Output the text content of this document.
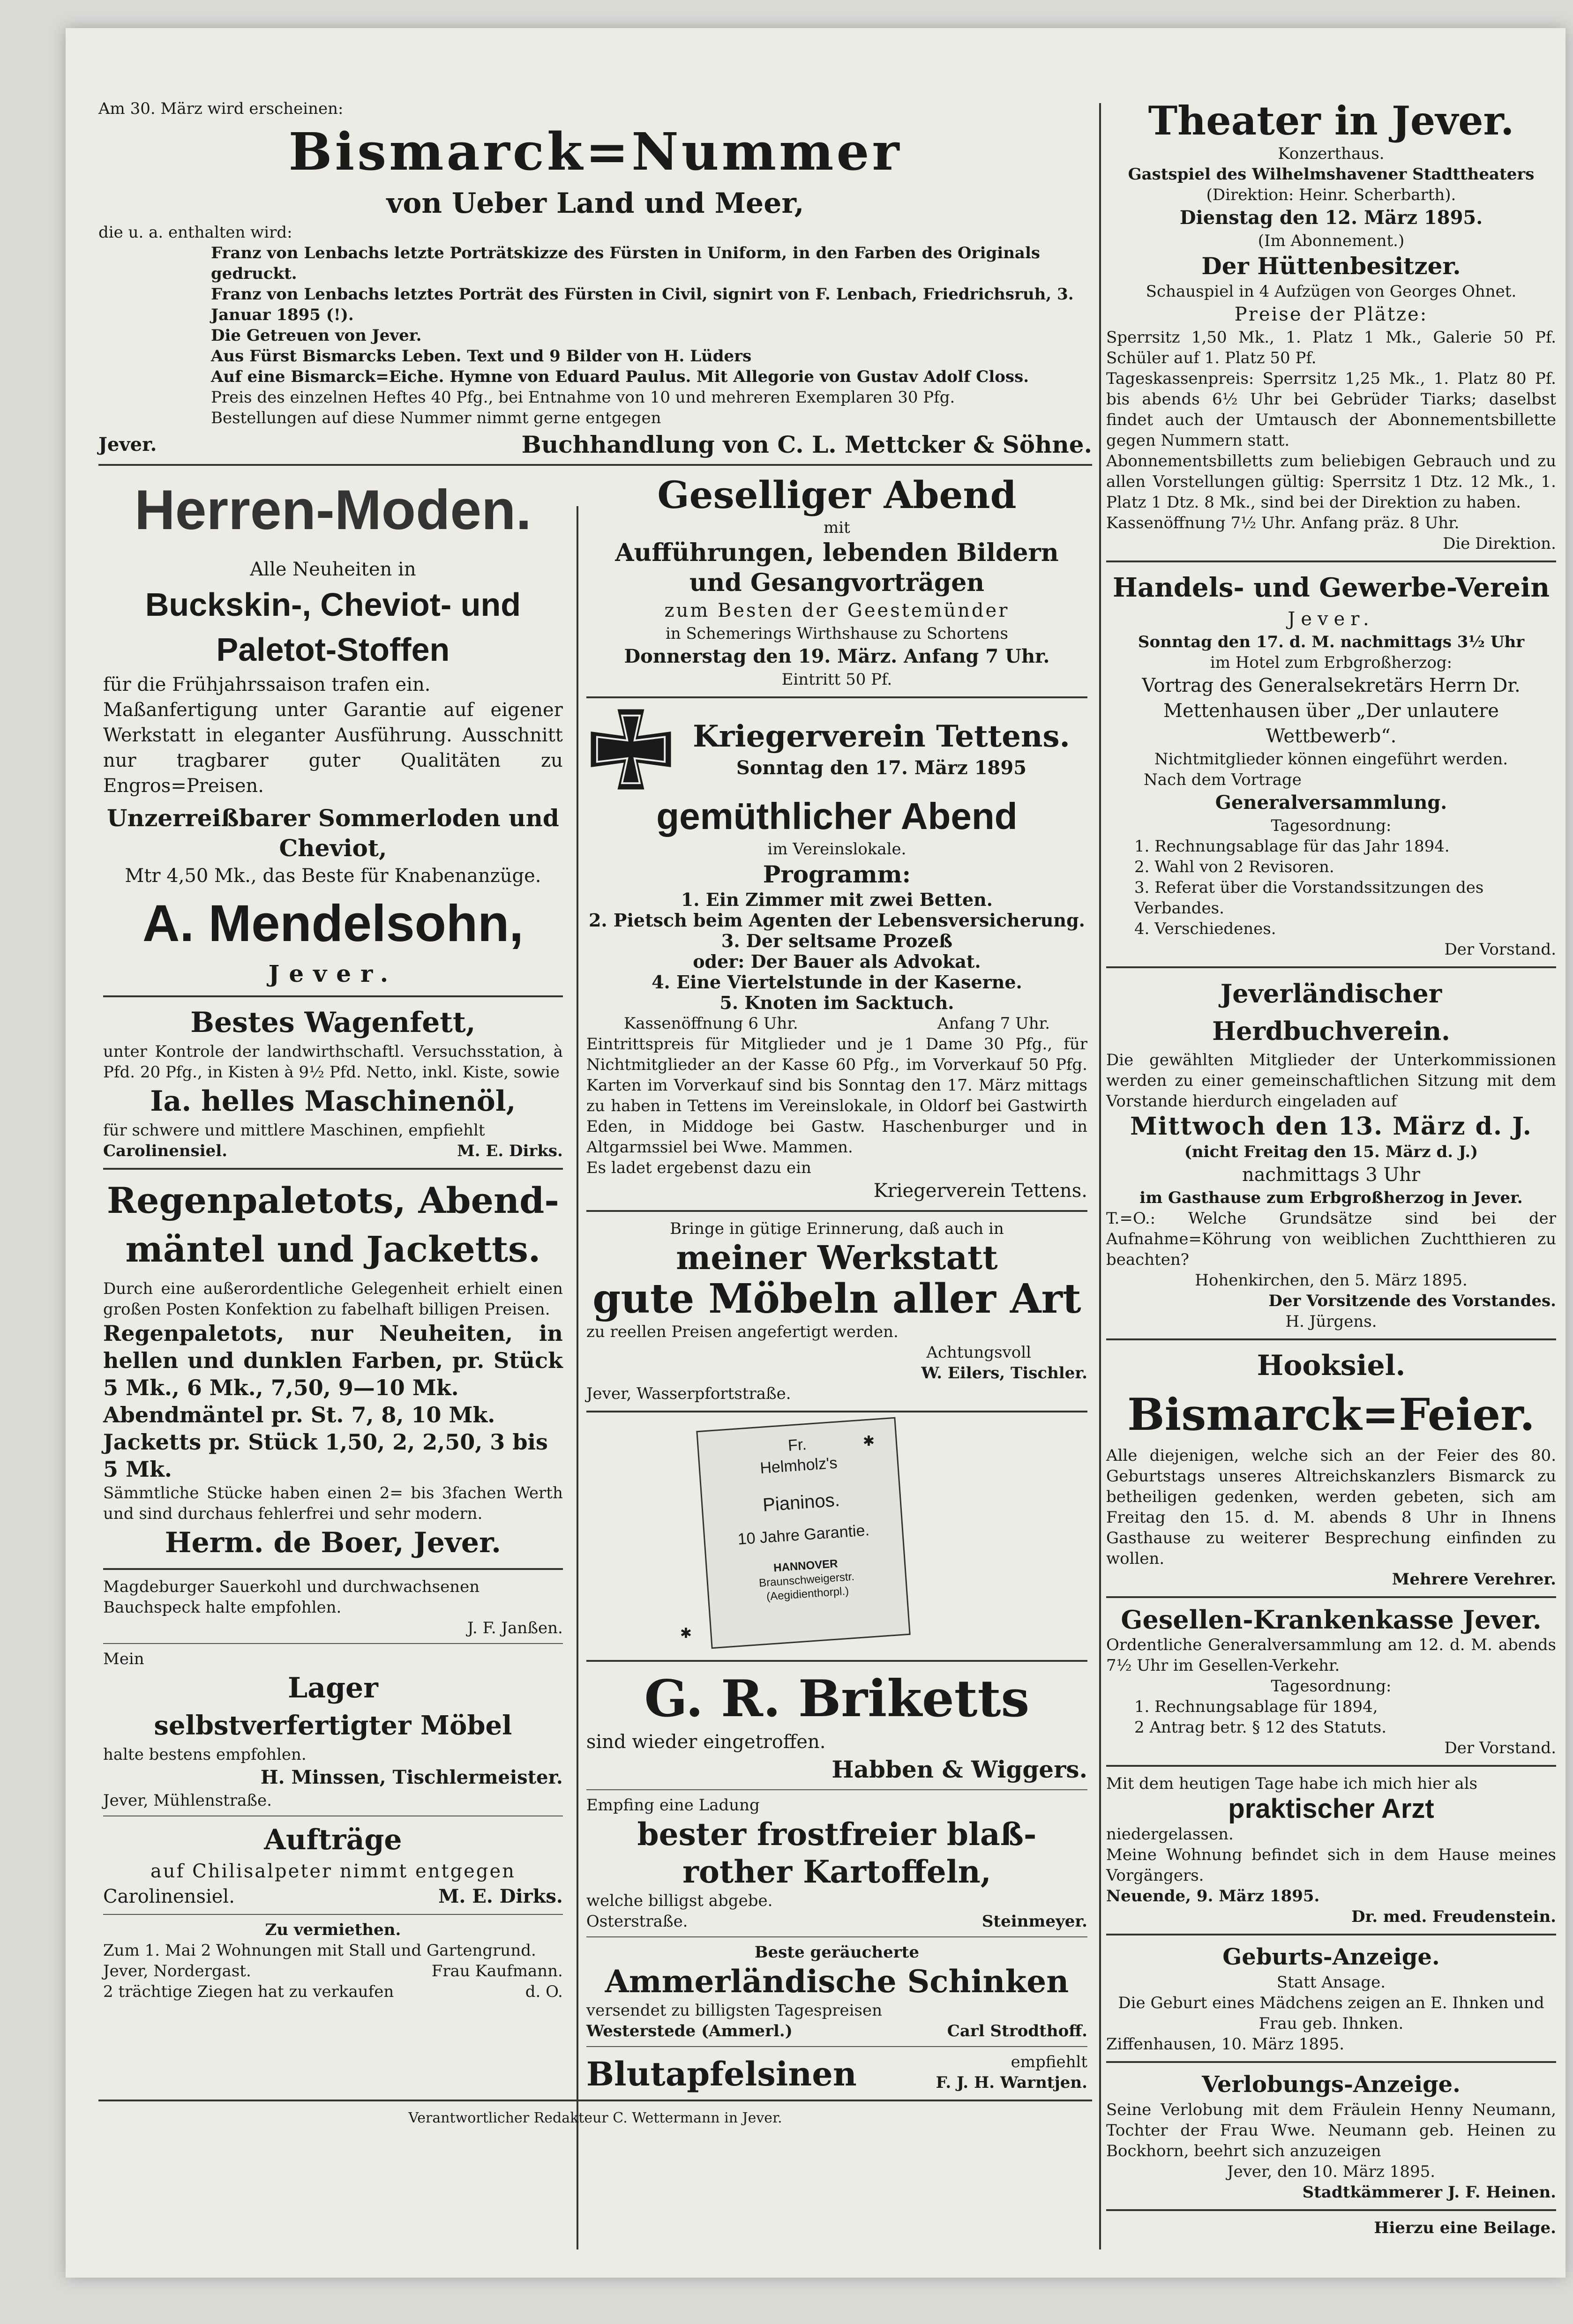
Am 30. März wird erscheinen:

Bismarck=Nummer

von Ueber Land und Meer,

die u. a. enthalten wird:

Franz von Lenbachs letzte Porträtskizze des Fürsten in Uniform, in den Farben des Originals gedruckt.

Franz von Lenbachs letztes Porträt des Fürsten in Civil, signirt von F. Lenbach, Friedrichsruh, 3. Januar 1895 (!).

Die Getreuen von Jever.

Aus Fürst Bismarcks Leben. Text und 9 Bilder von H. Lüders

Auf eine Bismarck=Eiche. Hymne von Eduard Paulus. Mit Allegorie von Gustav Adolf Closs.

Preis des einzelnen Heftes 40 Pfg., bei Entnahme von 10 und mehreren Exemplaren 30 Pfg.

Bestellungen auf diese Nummer nimmt gerne entgegen

Jever.	Buchhandlung von C. L. Mettcker & Söhne.

Herren-Moden.

Alle Neuheiten in

Buckskin-, Cheviot- und

Paletot-Stoffen

für die Frühjahrssaison trafen ein.

Maßanfertigung unter Garantie auf eigener Werkstatt in eleganter Ausführung. Ausschnitt nur tragbarer guter Qualitäten zu Engros=Preisen.

Unzerreißbarer Sommerloden und Cheviot,

Mtr 4,50 Mk., das Beste für Knabenanzüge.

A. Mendelsohn,

Jever.

Bestes Wagenfett,

unter Kontrole der landwirthschaftl. Versuchsstation, à Pfd. 20 Pfg., in Kisten à 9½ Pfd. Netto, inkl. Kiste, sowie

Ia. helles Maschinenöl,

für schwere und mittlere Maschinen, empfiehlt

Carolinensiel.	M. E. Dirks.

Regenpaletots, Abend-mäntel und Jacketts.

Durch eine außerordentliche Gelegenheit erhielt einen großen Posten Konfektion zu fabelhaft billigen Preisen.

Regenpaletots, nur Neuheiten, in hellen und dunklen Farben, pr. Stück 5 Mk., 6 Mk., 7,50, 9—10 Mk.

Abendmäntel pr. St. 7, 8, 10 Mk.

Jacketts pr. Stück 1,50, 2, 2,50, 3 bis 5 Mk.

Sämmtliche Stücke haben einen 2= bis 3fachen Werth und sind durchaus fehlerfrei und sehr modern.

Herm. de Boer, Jever.

Magdeburger Sauerkohl und durchwachsenen Bauchspeck halte empfohlen.

J. F. Janßen.

Mein

Lager

selbstverfertigter Möbel

halte bestens empfohlen.

H. Minssen, Tischlermeister.

Jever, Mühlenstraße.

Aufträge

auf Chilisalpeter nimmt entgegen

Carolinensiel.	M. E. Dirks.

Zu vermiethen.

Zum 1. Mai 2 Wohnungen mit Stall und Gartengrund.

Jever, Nordergast.	Frau Kaufmann.
2 trächtige Ziegen hat zu verkaufen	d. O.

Geselliger Abend

mit

Aufführungen, lebenden Bildern und Gesangvorträgen

zum Besten der Geestemünder

in Schemerings Wirthshause zu Schortens

Donnerstag den 19. März. Anfang 7 Uhr.

Eintritt 50 Pf.

Kriegerverein Tettens.

Sonntag den 17. März 1895

gemüthlicher Abend

im Vereinslokale.

Programm:

1. Ein Zimmer mit zwei Betten.

2. Pietsch beim Agenten der Lebensversicherung.

3. Der seltsame Prozeß

oder: Der Bauer als Advokat.

4. Eine Viertelstunde in der Kaserne.

5. Knoten im Sacktuch.

Kassenöffnung 6 Uhr.	Anfang 7 Uhr.

Eintrittspreis für Mitglieder und je 1 Dame 30 Pfg., für Nichtmitglieder an der Kasse 60 Pfg., im Vorverkauf 50 Pfg. Karten im Vorverkauf sind bis Sonntag den 17. März mittags zu haben in Tettens im Vereinslokale, in Oldorf bei Gastwirth Eden, in Middoge bei Gastw. Haschenburger und in Altgarmssiel bei Wwe. Mammen.

Es ladet ergebenst dazu ein

Kriegerverein Tettens.

Bringe in gütige Erinnerung, daß auch in

meiner Werkstatt

gute Möbeln aller Art

zu reellen Preisen angefertigt werden.

Achtungsvoll

W. Eilers, Tischler.

Jever, Wasserpfortstraße.

Fr.

Helmholz's

Pianinos.

10 Jahre Garantie.

HANNOVER

Braunschweigerstr. (Aegidienthorpl.)

✱
✱

G. R. Briketts

sind wieder eingetroffen.

Habben & Wiggers.

Empfing eine Ladung

bester frostfreier blaß-rother Kartoffeln,

welche billigst abgebe.

Osterstraße.	Steinmeyer.

Beste geräucherte

Ammerländische Schinken

versendet zu billigsten Tagespreisen

Westerstede (Ammerl.)	Carl Strodthoff.
Blutapfelsinen	empfiehlt

F. J. H. Warntjen.

Verantwortlicher Redakteur C. Wettermann in Jever.

Theater in Jever.

Konzerthaus.

Gastspiel des Wilhelmshavener Stadttheaters

(Direktion: Heinr. Scherbarth).

Dienstag den 12. März 1895.

(Im Abonnement.)

Der Hüttenbesitzer.

Schauspiel in 4 Aufzügen von Georges Ohnet.

Preise der Plätze:

Sperrsitz 1,50 Mk., 1. Platz 1 Mk., Galerie 50 Pf. Schüler auf 1. Platz 50 Pf.

Tageskassenpreis: Sperrsitz 1,25 Mk., 1. Platz 80 Pf. bis abends 6½ Uhr bei Gebrüder Tiarks; daselbst findet auch der Umtausch der Abonnementsbillette gegen Nummern statt.

Abonnementsbilletts zum beliebigen Gebrauch und zu allen Vorstellungen gültig: Sperrsitz 1 Dtz. 12 Mk., 1. Platz 1 Dtz. 8 Mk., sind bei der Direktion zu haben.

Kassenöffnung 7½ Uhr. Anfang präz. 8 Uhr.

Die Direktion.

Handels- und Gewerbe-Verein

Jever.

Sonntag den 17. d. M. nachmittags 3½ Uhr

im Hotel zum Erbgroßherzog:

Vortrag des Generalsekretärs Herrn Dr. Mettenhausen über „Der unlautere Wettbewerb“.

Nichtmitglieder können eingeführt werden.

Nach dem Vortrage

Generalversammlung.

Tagesordnung:

1. Rechnungsablage für das Jahr 1894.

2. Wahl von 2 Revisoren.

3. Referat über die Vorstandssitzungen des Verbandes.

4. Verschiedenes.

Der Vorstand.

Jeverländischer Herdbuchverein.

Die gewählten Mitglieder der Unterkommissionen werden zu einer gemeinschaftlichen Sitzung mit dem Vorstande hierdurch eingeladen auf

Mittwoch den 13. März d. J.

(nicht Freitag den 15. März d. J.)

nachmittags 3 Uhr

im Gasthause zum Erbgroßherzog in Jever.

T.=O.: Welche Grundsätze sind bei der Aufnahme=Köhrung von weiblichen Zuchtthieren zu beachten?

Hohenkirchen, den 5. März 1895.

Der Vorsitzende des Vorstandes.

H. Jürgens.

Hooksiel.

Bismarck=Feier.

Alle diejenigen, welche sich an der Feier des 80. Geburtstags unseres Altreichskanzlers Bismarck zu betheiligen gedenken, werden gebeten, sich am Freitag den 15. d. M. abends 8 Uhr in Ihnens Gasthause zu weiterer Besprechung einfinden zu wollen.

Mehrere Verehrer.

Gesellen-Krankenkasse Jever.

Ordentliche Generalversammlung am 12. d. M. abends 7½ Uhr im Gesellen-Verkehr.

Tagesordnung:

1. Rechnungsablage für 1894,

2 Antrag betr. § 12 des Statuts.

Der Vorstand.

Mit dem heutigen Tage habe ich mich hier als

praktischer Arzt

niedergelassen.

Meine Wohnung befindet sich in dem Hause meines Vorgängers.

Neuende, 9. März 1895.

Dr. med. Freudenstein.

Geburts-Anzeige.

Statt Ansage.

Die Geburt eines Mädchens zeigen an E. Ihnken und Frau geb. Ihnken.

Ziffenhausen, 10. März 1895.

Verlobungs-Anzeige.

Seine Verlobung mit dem Fräulein Henny Neumann, Tochter der Frau Wwe. Neumann geb. Heinen zu Bockhorn, beehrt sich anzuzeigen

Jever, den 10. März 1895.

Stadtkämmerer J. F. Heinen.

Hierzu eine Beilage.
